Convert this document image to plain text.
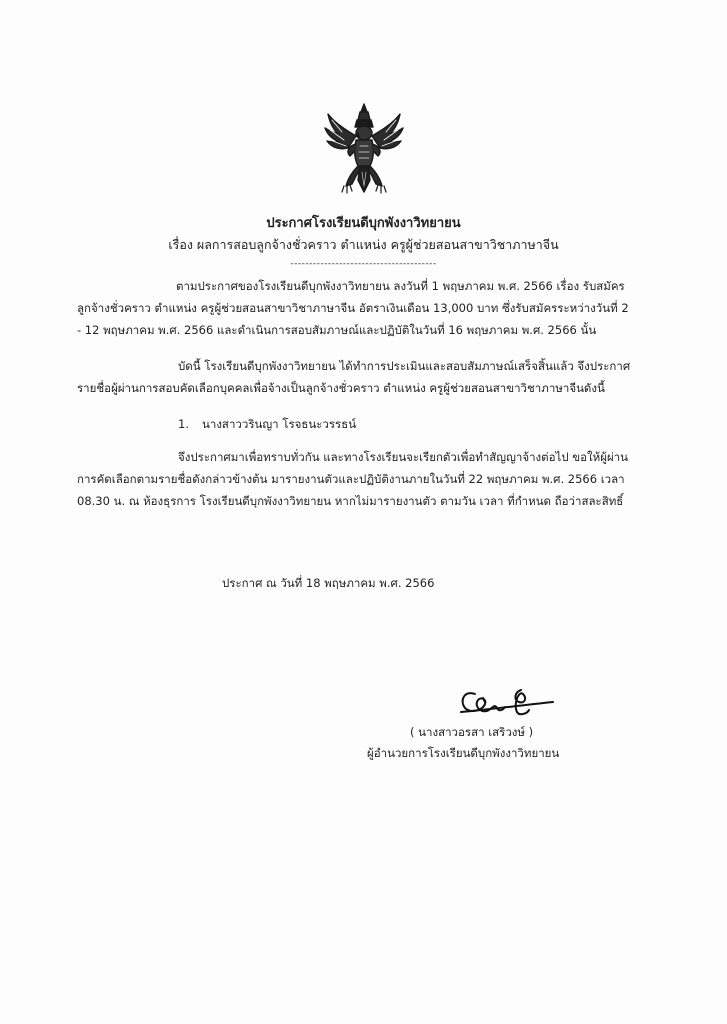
ประกาศโรงเรียนดีบุกพังงาวิทยายน
เรื่อง ผลการสอบลูกจ้างชั่วคราว ตำแหน่ง ครูผู้ช่วยสอนสาขาวิชาภาษาจีน
---------------------------------------
ตามประกาศของโรงเรียนดีบุกพังงาวิทยายน ลงวันที่ 1 พฤษภาคม พ.ศ. 2566 เรื่อง รับสมัคร
ลูกจ้างชั่วคราว ตำแหน่ง ครูผู้ช่วยสอนสาขาวิชาภาษาจีน อัตราเงินเดือน 13,000 บาท ซึ่งรับสมัครระหว่างวันที่ 2
- 12 พฤษภาคม พ.ศ. 2566 และดำเนินการสอบสัมภาษณ์และปฏิบัติในวันที่ 16 พฤษภาคม พ.ศ. 2566 นั้น
บัดนี้ โรงเรียนดีบุกพังงาวิทยายน ได้ทำการประเมินและสอบสัมภาษณ์เสร็จสิ้นแล้ว จึงประกาศ
รายชื่อผู้ผ่านการสอบคัดเลือกบุคคลเพื่อจ้างเป็นลูกจ้างชั่วคราว ตำแหน่ง ครูผู้ช่วยสอนสาขาวิชาภาษาจีนดังนี้
1. นางสาววรินญา โรจธนะวรรธน์
จึงประกาศมาเพื่อทราบทั่วกัน และทางโรงเรียนจะเรียกตัวเพื่อทำสัญญาจ้างต่อไป ขอให้ผู้ผ่าน
การคัดเลือกตามรายชื่อดังกล่าวข้างต้น มารายงานตัวและปฏิบัติงานภายในวันที่ 22 พฤษภาคม พ.ศ. 2566 เวลา
08.30 น. ณ ห้องธุรการ โรงเรียนดีบุกพังงาวิทยายน หากไม่มารายงานตัว ตามวัน เวลา ที่กำหนด ถือว่าสละสิทธิ์
ประกาศ ณ วันที่ 18 พฤษภาคม พ.ศ. 2566
( นางสาวอรสา เสริวงษ์ )
ผู้อำนวยการโรงเรียนดีบุกพังงาวิทยายน
